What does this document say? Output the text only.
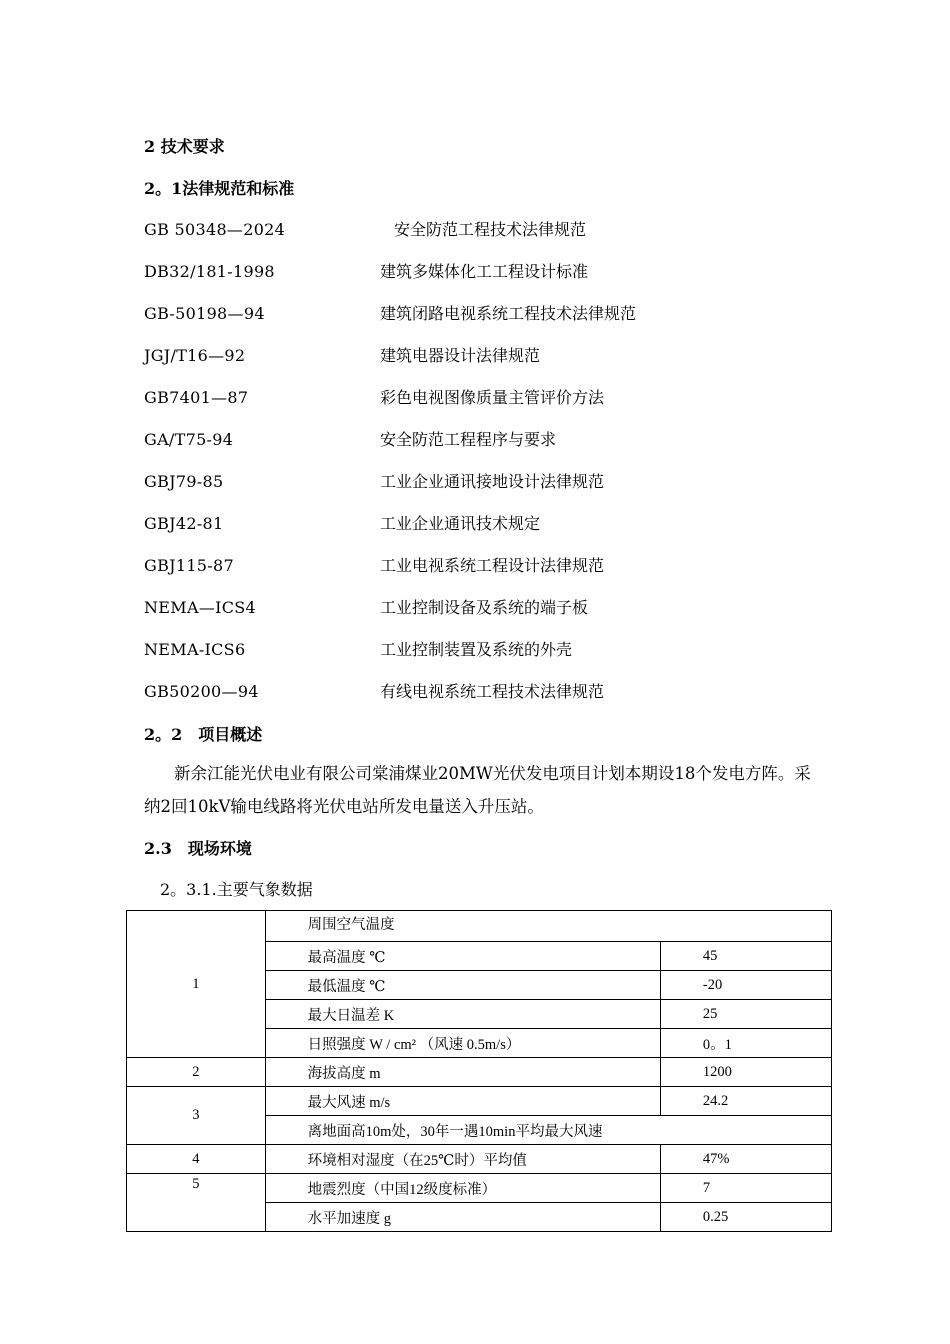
2 技术要求
2。1法律规范和标准
GB 50348—2024	安全防范工程技术法律规范
DB32/181-1998	建筑多媒体化工工程设计标准
GB-50198—94	建筑闭路电视系统工程技术法律规范
JGJ/T16—92	建筑电器设计法律规范
GB7401—87	彩色电视图像质量主管评价方法
GA/T75-94	安全防范工程程序与要求
GBJ79-85	工业企业通讯接地设计法律规范
GBJ42-81	工业企业通讯技术规定
GBJ115-87	工业电视系统工程设计法律规范
NEMA—ICS4	工业控制设备及系统的端子板
NEMA-ICS6	工业控制装置及系统的外壳
GB50200—94	有线电视系统工程技术法律规范
2。2　项目概述
新余江能光伏电业有限公司棠浦煤业20MW光伏发电项目计划本期设18个发电方阵。采纳2回10kV输电线路将光伏电站所发电量送入升压站。
2.3　现场环境
2。3.1.主要气象数据
1	周围空气温度	
	最高温度 ℃	45
	最低温度 ℃	-20
	最大日温差 K	25
	日照强度 W / cm² （风速 0.5m/s）	0。1
2	海拔高度 m	1200
3	最大风速 m/s	24.2
	离地面高10m处，30年一遇10min平均最大风速	
4	环境相对湿度（在25℃时）平均值	47%
5	地震烈度（中国12级度标准）	7
	水平加速度 g	0.25
